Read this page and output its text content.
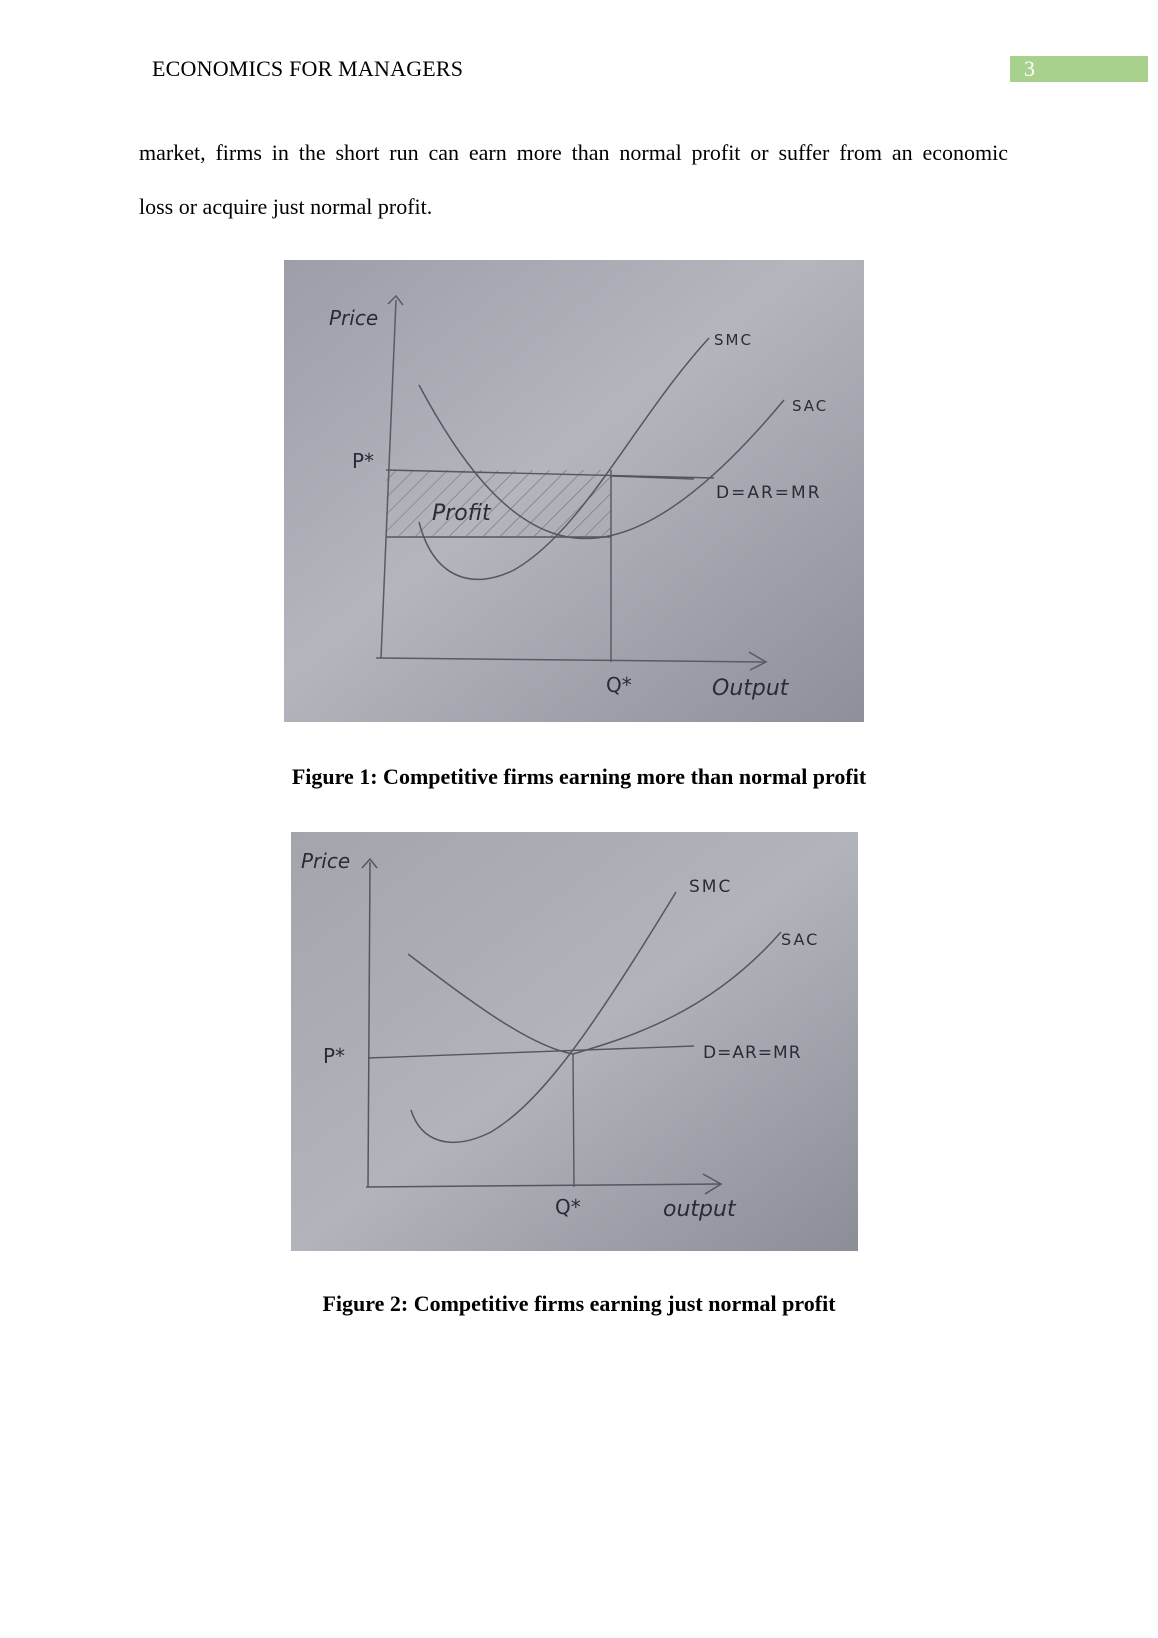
ECONOMICS FOR MANAGERS	3
market, firms in the short run can earn more than normal profit or suffer from an economic
loss or acquire just normal profit.
Price
P*
Profit
SMC
SAC
D=AR=MR
Q*	Output
Figure 1: Competitive firms earning more than normal profit
Price
P*
SMC
SAC
D=AR=MR
Q*	output
Figure 2: Competitive firms earning just normal profit
